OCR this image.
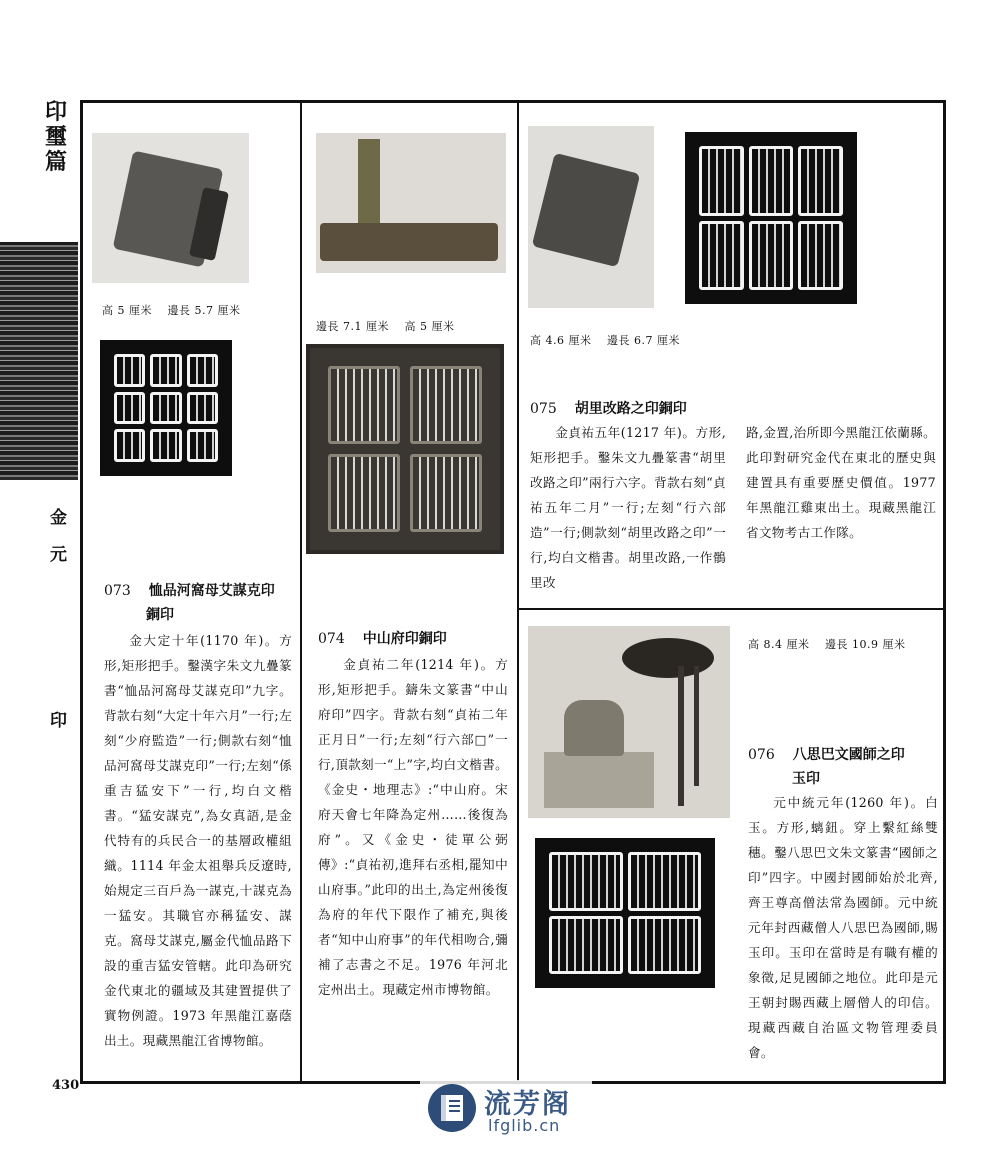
印璽篇
金
元
印
430
高 5 厘米　 邊長 5.7 厘米
073 恤品河窩母艾謀克印
銅印
金大定十年(1170 年)。方形,矩形把手。鑿漢字朱文九疊篆書“恤品河窩母艾謀克印”九字。背款右刻“大定十年六月”一行;左刻“少府監造”一行;側款右刻“恤品河窩母艾謀克印”一行;左刻“係重吉猛安下”一行,均白文楷書。“猛安謀克”,為女真語,是金代特有的兵民合一的基層政權組織。1114 年金太祖舉兵反遼時,始規定三百戶為一謀克,十謀克為一猛安。其職官亦稱猛安、謀克。窩母艾謀克,屬金代恤品路下設的重吉猛安管轄。此印為研究金代東北的疆域及其建置提供了實物例證。1973 年黑龍江嘉蔭出土。現藏黑龍江省博物館。
邊長 7.1 厘米　 高 5 厘米
074 中山府印銅印
金貞祐二年(1214 年)。方形,矩形把手。鑄朱文篆書“中山府印”四字。背款右刻“貞祐二年正月日”一行;左刻“行六部□”一行,頂款刻一“上”字,均白文楷書。《金史・地理志》:“中山府。宋府天會七年降為定州……後復為府”。又《金史・徒單公弼傳》:“貞祐初,進拜右丞相,罷知中山府事。”此印的出土,為定州後復為府的年代下限作了補充,與後者“知中山府事”的年代相吻合,彌補了志書之不足。1976 年河北定州出土。現藏定州市博物館。
高 4.6 厘米　 邊長 6.7 厘米
075 胡里改路之印銅印
金貞祐五年(1217 年)。方形,矩形把手。鑿朱文九疊篆書“胡里改路之印”兩行六字。背款右刻“貞祐五年二月”一行;左刻“行六部造”一行;側款刻“胡里改路之印”一行,均白文楷書。胡里改路,一作鶻里改
路,金置,治所即今黑龍江依蘭縣。此印對研究金代在東北的歷史與建置具有重要歷史價值。1977 年黑龍江雞東出土。現藏黑龍江省文物考古工作隊。
高 8.4 厘米　 邊長 10.9 厘米
076 八思巴文國師之印
玉印
元中統元年(1260 年)。白玉。方形,螭鈕。穿上繫紅絲雙穗。鑿八思巴文朱文篆書“國師之印”四字。中國封國師始於北齊,齊王尊高僧法常為國師。元中統元年封西藏僧人八思巴為國師,賜玉印。玉印在當時是有職有權的象徵,足見國師之地位。此印是元王朝封賜西藏上層僧人的印信。現藏西藏自治區文物管理委員會。
流芳阁
lfglib.cn
